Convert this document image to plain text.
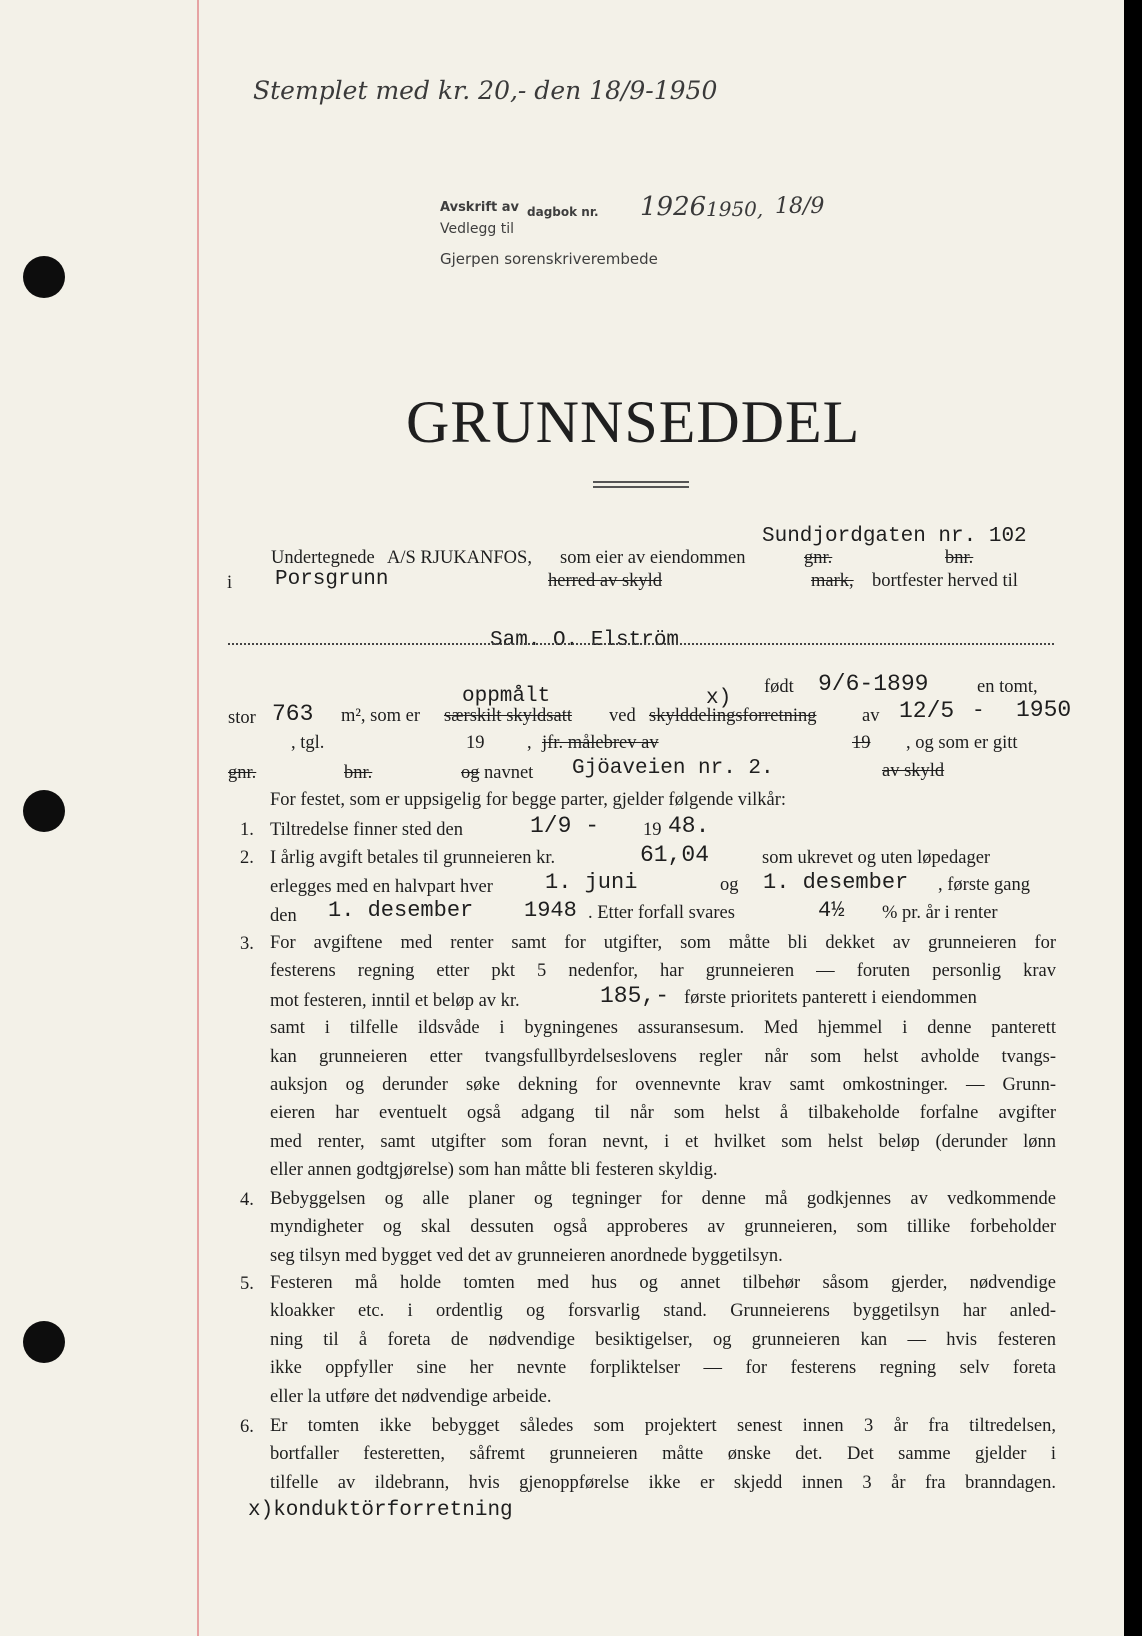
Stemplet med kr. 20,- den 18/9-1950
Avskrift av dagbok nr. 1926 1950, 18/9
Vedlegg til
Gjerpen sorenskriverembede
GRUNNSEDDEL
Undertegnede A/S RJUKANFOS, som eier av eiendommen	gnr.
Sundjordgaten nr. 102
bnr.
i Porsgrunn	herred av skyld	mark, bortfester herved til
Sam. O. Elström
født 9/6-1899	en tomt,
oppmålt	x)
stor 763 m², som er særskilt skyldsatt ved skylddelingsforretning av 12/5 - 1950
, tgl.	19 , jfr. målebrev av	19 , og som er gitt
gnr.	bnr.	og navnet Gjöaveien nr. 2.	av skyld
For festet, som er uppsigelig for begge parter, gjelder følgende vilkår:
1. Tiltredelse finner sted den	1/9 - 19 48.
2. I årlig avgift betales til grunneieren kr.	61,04	som ukrevet og uten løpedager
erlegges med en halvpart hver 1. juni	og 1. desember , første gang
den 1. desember 1948 . Etter forfall svares	4½ % pr. år i renter
3. For avgiftene med renter samt for utgifter, som måtte bli dekket av grunneieren for
festerens regning etter pkt 5 nedenfor, har grunneieren — foruten personlig krav
samt i tilfelle ildsvåde i bygningenes assuransesum. Med hjemmel i denne panterett
kan grunneieren etter tvangsfullbyrdelseslovens regler når som helst avholde tvangs-
auksjon og derunder søke dekning for ovennevnte krav samt omkostninger. — Grunn-
eieren har eventuelt også adgang til når som helst å tilbakeholde forfalne avgifter
med renter, samt utgifter som foran nevnt, i et hvilket som helst beløp (derunder lønn
eller annen godtgjørelse) som han måtte bli festeren skyldig.
mot festeren, inntil et beløp av kr.	185,- første prioritets panterett i eiendommen
4. Bebyggelsen og alle planer og tegninger for denne må godkjennes av vedkommende
myndigheter og skal dessuten også approberes av grunneieren, som tillike forbeholder
seg tilsyn med bygget ved det av grunneieren anordnede byggetilsyn.
5. Festeren må holde tomten med hus og annet tilbehør såsom gjerder, nødvendige
kloakker etc. i ordentlig og forsvarlig stand. Grunneierens byggetilsyn har anled-
ning til å foreta de nødvendige besiktigelser, og grunneieren kan — hvis festeren
ikke oppfyller sine her nevnte forpliktelser — for festerens regning selv foreta
eller la utføre det nødvendige arbeide.
6. Er tomten ikke bebygget således som projektert senest innen 3 år fra tiltredelsen,
bortfaller festeretten, såfremt grunneieren måtte ønske det. Det samme gjelder i
tilfelle av ildebrann, hvis gjenoppførelse ikke er skjedd innen 3 år fra branndagen.
x)konduktörforretning
